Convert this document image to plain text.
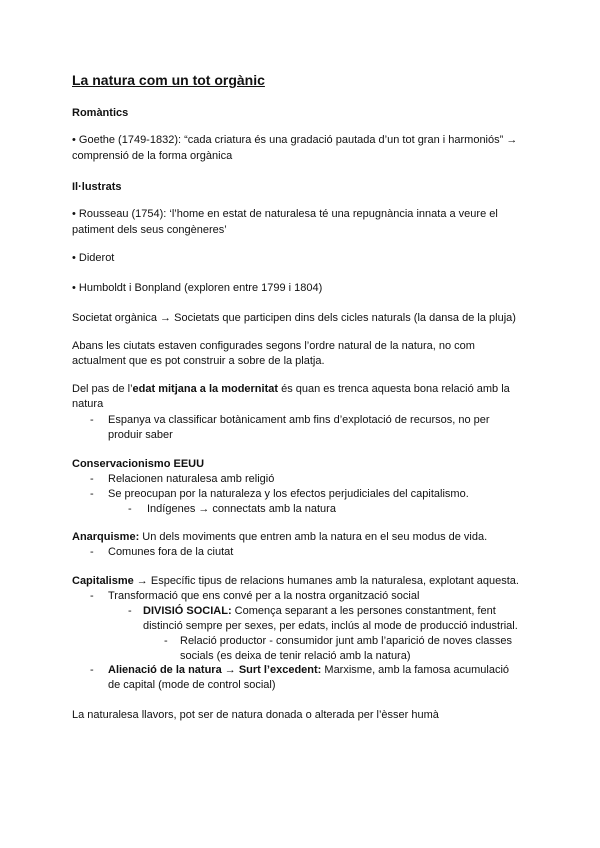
La natura com un tot orgànic
Romàntics
• Goethe (1749-1832): “cada criatura és una gradació pautada d’un tot gran i harmoniós” →
comprensió de la forma orgànica
Il·lustrats
• Rousseau (1754): ‘l’home en estat de naturalesa té una repugnància innata a veure el
patiment dels seus congèneres’
• Diderot
• Humboldt i Bonpland (exploren entre 1799 i 1804)
Societat orgànica → Societats que participen dins dels cicles naturals (la dansa de la pluja)
Abans les ciutats estaven configurades segons l’ordre natural de la natura, no com
actualment que es pot construir a sobre de la platja.
Del pas de l’edat mitjana a la modernitat és quan es trenca aquesta bona relació amb la
natura
- Espanya va classificar botànicament amb fins d’explotació de recursos, no per
produir saber
Conservacionismo EEUU
- Relacionen naturalesa amb religió
- Se preocupan por la naturaleza y los efectos perjudiciales del capitalismo.
- Indígenes → connectats amb la natura
Anarquisme: Un dels moviments que entren amb la natura en el seu modus de vida.
- Comunes fora de la ciutat
Capitalisme → Específic tipus de relacions humanes amb la naturalesa, explotant aquesta.
- Transformació que ens convé per a la nostra organització social
- DIVISIÓ SOCIAL: Comença separant a les persones constantment, fent
distinció sempre per sexes, per edats, inclús al mode de producció industrial.
- Relació productor - consumidor junt amb l’aparició de noves classes
socials (es deixa de tenir relació amb la natura)
- Alienació de la natura → Surt l’excedent: Marxisme, amb la famosa acumulació
de capital (mode de control social)
La naturalesa llavors, pot ser de natura donada o alterada per l’èsser humà
